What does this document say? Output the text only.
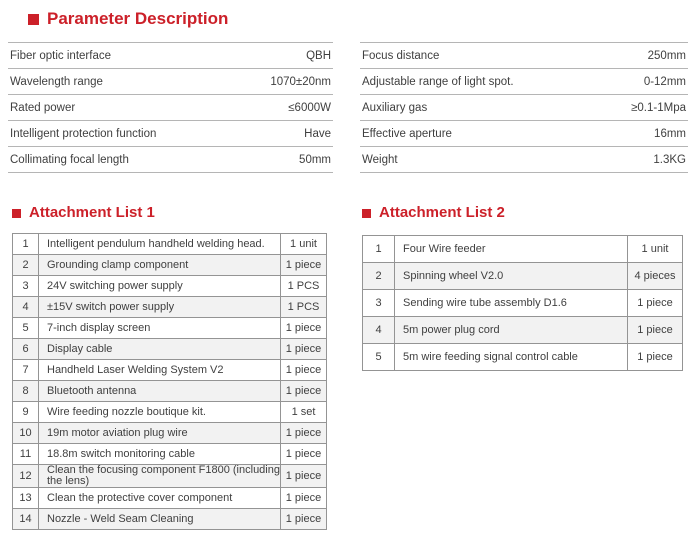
Parameter Description
Fiber optic interface	QBH
Wavelength range	1070±20nm
Rated power	≤6000W
Intelligent protection function	Have
Collimating focal length	50mm
Focus distance	250mm
Adjustable range of light spot.	0-12mm
Auxiliary gas	≥0.1-1Mpa
Effective aperture	16mm
Weight	1.3KG
Attachment List 1	Attachment List 2
1	Intelligent pendulum handheld welding head.	1 unit
2	Grounding clamp component	1 piece
3	24V switching power supply	1 PCS
4	±15V switch power supply	1 PCS
5	7-inch display screen	1 piece
6	Display cable	1 piece
7	Handheld Laser Welding System V2	1 piece
8	Bluetooth antenna	1 piece
9	Wire feeding nozzle boutique kit.	1 set
10	19m motor aviation plug wire	1 piece
11	18.8m switch monitoring cable	1 piece
12	Clean the focusing component F1800 (including the lens)	1 piece
13	Clean the protective cover component	1 piece
14	Nozzle - Weld Seam Cleaning	1 piece
1	Four Wire feeder	1 unit
2	Spinning wheel V2.0	4 pieces
3	Sending wire tube assembly D1.6	1 piece
4	5m power plug cord	1 piece
5	5m wire feeding signal control cable	1 piece
